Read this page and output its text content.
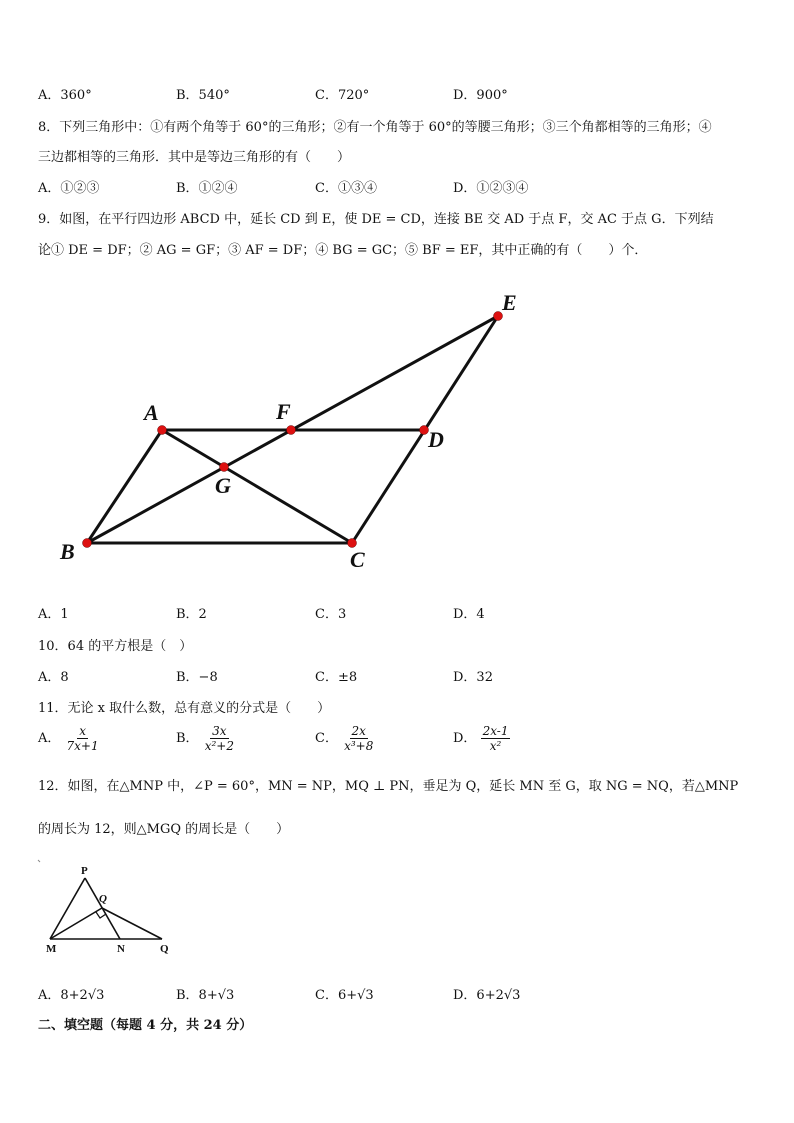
A．360°	B．540°	C．720°	D．900°
8．下列三角形中：①有两个角等于 60°的三角形；②有一个角等于 60°的等腰三角形；③三个角都相等的三角形；④
三边都相等的三角形．其中是等边三角形的有（　　）
A．①②③	B．①②④	C．①③④	D．①②③④
9．如图，在平行四边形 ABCD 中，延长 CD 到 E，使 DE = CD，连接 BE 交 AD 于点 F，交 AC 于点 G．下列结
论① DE = DF；② AG = GF；③ AF = DF；④ BG = GC；⑤ BF = EF，其中正确的有（　　）个．
A
B	C
D
E
F
G
A．1	B．2	C．3	D．4
10．64 的平方根是（　）
A．8	B．−8	C．±8	D．32
11．无论 x 取什么数，总有意义的分式是（　　）
A． $\frac{x}{7x+1}$	B． $\frac{3x}{\text{x²+2}}$	C． $\frac{2x}{\text{x³+8}}$	D． $\frac{2x-1}{\text{x²}}$
12．如图，在△MNP 中，∠P = 60°，MN = NP，MQ ⊥ PN，垂足为 Q，延长 MN 至 G，取 NG = NQ，若△MNP
的周长为 12，则△MGQ 的周长是（　　）
P
Q
M	N	Q
A．8+2√3	B．8+√3	C．6+√3	D．6+2√3
二、填空题（每题 4 分，共 24 分）
